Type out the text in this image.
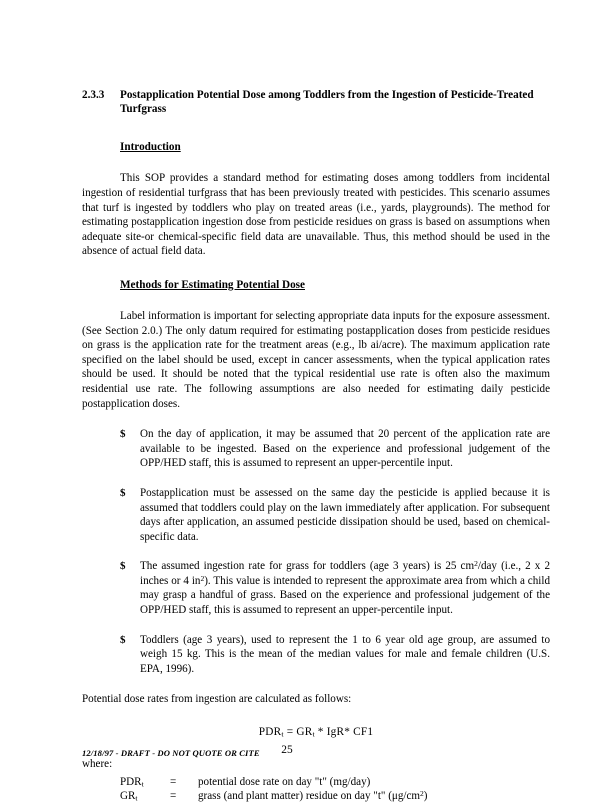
2.3.3	Postapplication Potential Dose among Toddlers from the Ingestion of Pesticide-Treated Turfgrass
Introduction

This SOP provides a standard method for estimating doses among toddlers from incidental ingestion of residential turfgrass that has been previously treated with pesticides. This scenario assumes that turf is ingested by toddlers who play on treated areas (i.e., yards, playgrounds). The method for estimating postapplication ingestion dose from pesticide residues on grass is based on assumptions when adequate site-or chemical-specific field data are unavailable. Thus, this method should be used in the absence of actual field data.

Methods for Estimating Potential Dose

Label information is important for selecting appropriate data inputs for the exposure assessment. (See Section 2.0.) The only datum required for estimating postapplication doses from pesticide residues on grass is the application rate for the treatment areas (e.g., lb ai/acre). The maximum application rate specified on the label should be used, except in cancer assessments, when the typical application rates should be used. It should be noted that the typical residential use rate is often also the maximum residential use rate. The following assumptions are also needed for estimating daily pesticide postapplication doses.

$	On the day of application, it may be assumed that 20 percent of the application rate are available to be ingested. Based on the experience and professional judgement of the OPP/HED staff, this is assumed to represent an upper-percentile input.
$	Postapplication must be assessed on the same day the pesticide is applied because it is assumed that toddlers could play on the lawn immediately after application. For subsequent days after application, an assumed pesticide dissipation should be used, based on chemical-specific data.
$	The assumed ingestion rate for grass for toddlers (age 3 years) is 25 $cm^2$/day (i.e., 2 x 2 inches or 4 $in^2$). This value is intended to represent the approximate area from which a child may grasp a handful of grass. Based on the experience and professional judgement of the OPP/HED staff, this is assumed to represent an upper-percentile input.
$	Toddlers (age 3 years), used to represent the 1 to 6 year old age group, are assumed to weigh 15 kg. This is the mean of the median values for male and female children (U.S. EPA, 1996).

Potential dose rates from ingestion are calculated as follows:

$PDR_t = GR_t * IgR*$ CF1
where:
$PDR_t$	=	potential dose rate on day "t" (mg/day)
$GR_t$	=	grass (and plant matter) residue on day "t" $(\mu g/cm^2)$
12/18/97 - DRAFT - DO NOT QUOTE OR CITE	25
